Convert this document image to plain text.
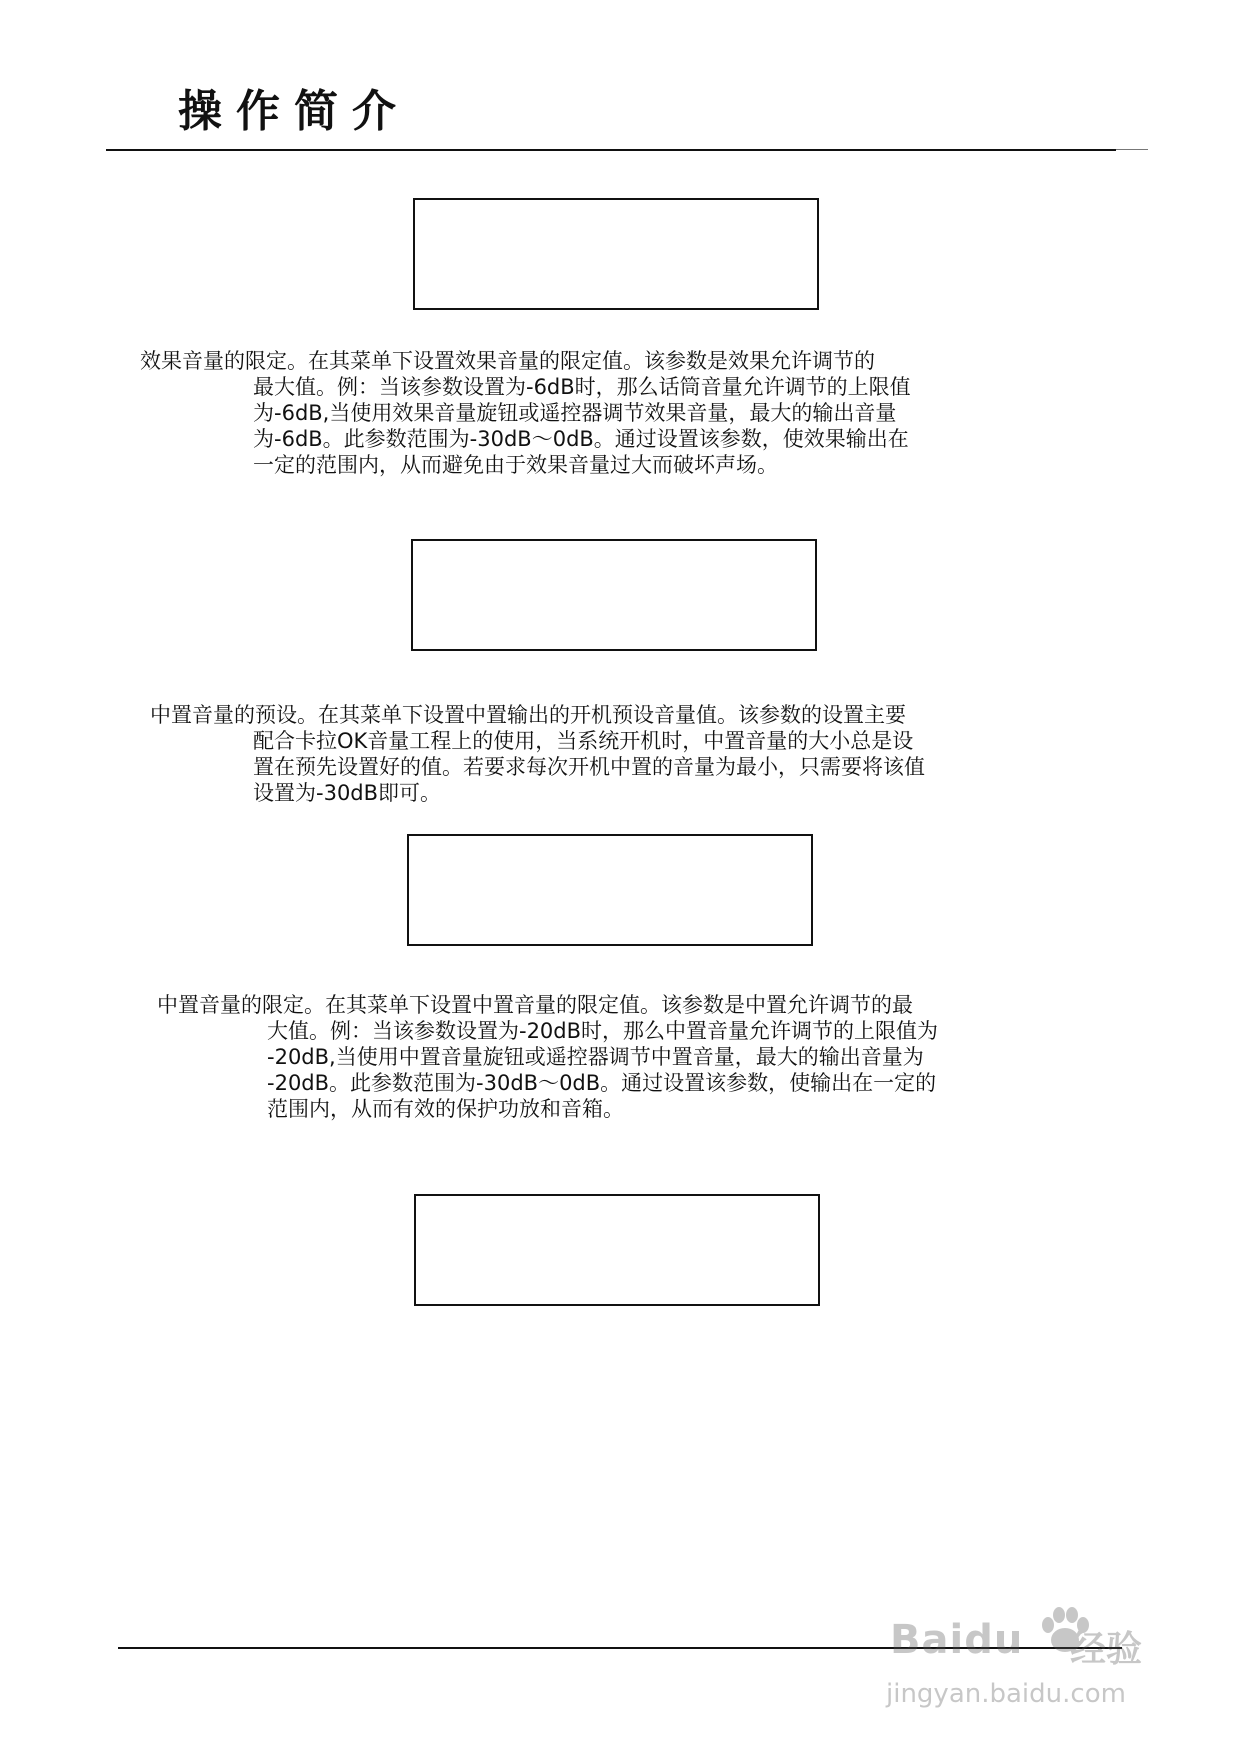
操作简介
效果音量的限定。在其菜单下设置效果音量的限定值。该参数是效果允许调节的
最大值。例：当该参数设置为-6dB时，那么话筒音量允许调节的上限值
为-6dB,当使用效果音量旋钮或遥控器调节效果音量，最大的输出音量
为-6dB。此参数范围为-30dB～0dB。通过设置该参数，使效果输出在
一定的范围内，从而避免由于效果音量过大而破坏声场。
中置音量的预设。在其菜单下设置中置输出的开机预设音量值。该参数的设置主要
配合卡拉OK音量工程上的使用，当系统开机时，中置音量的大小总是设
置在预先设置好的值。若要求每次开机中置的音量为最小，只需要将该值
设置为-30dB即可。
中置音量的限定。在其菜单下设置中置音量的限定值。该参数是中置允许调节的最
大值。例：当该参数设置为-20dB时，那么中置音量允许调节的上限值为
-20dB,当使用中置音量旋钮或遥控器调节中置音量，最大的输出音量为
-20dB。此参数范围为-30dB～0dB。通过设置该参数，使输出在一定的
范围内，从而有效的保护功放和音箱。
Baidu 经验
jingyan.baidu.com
